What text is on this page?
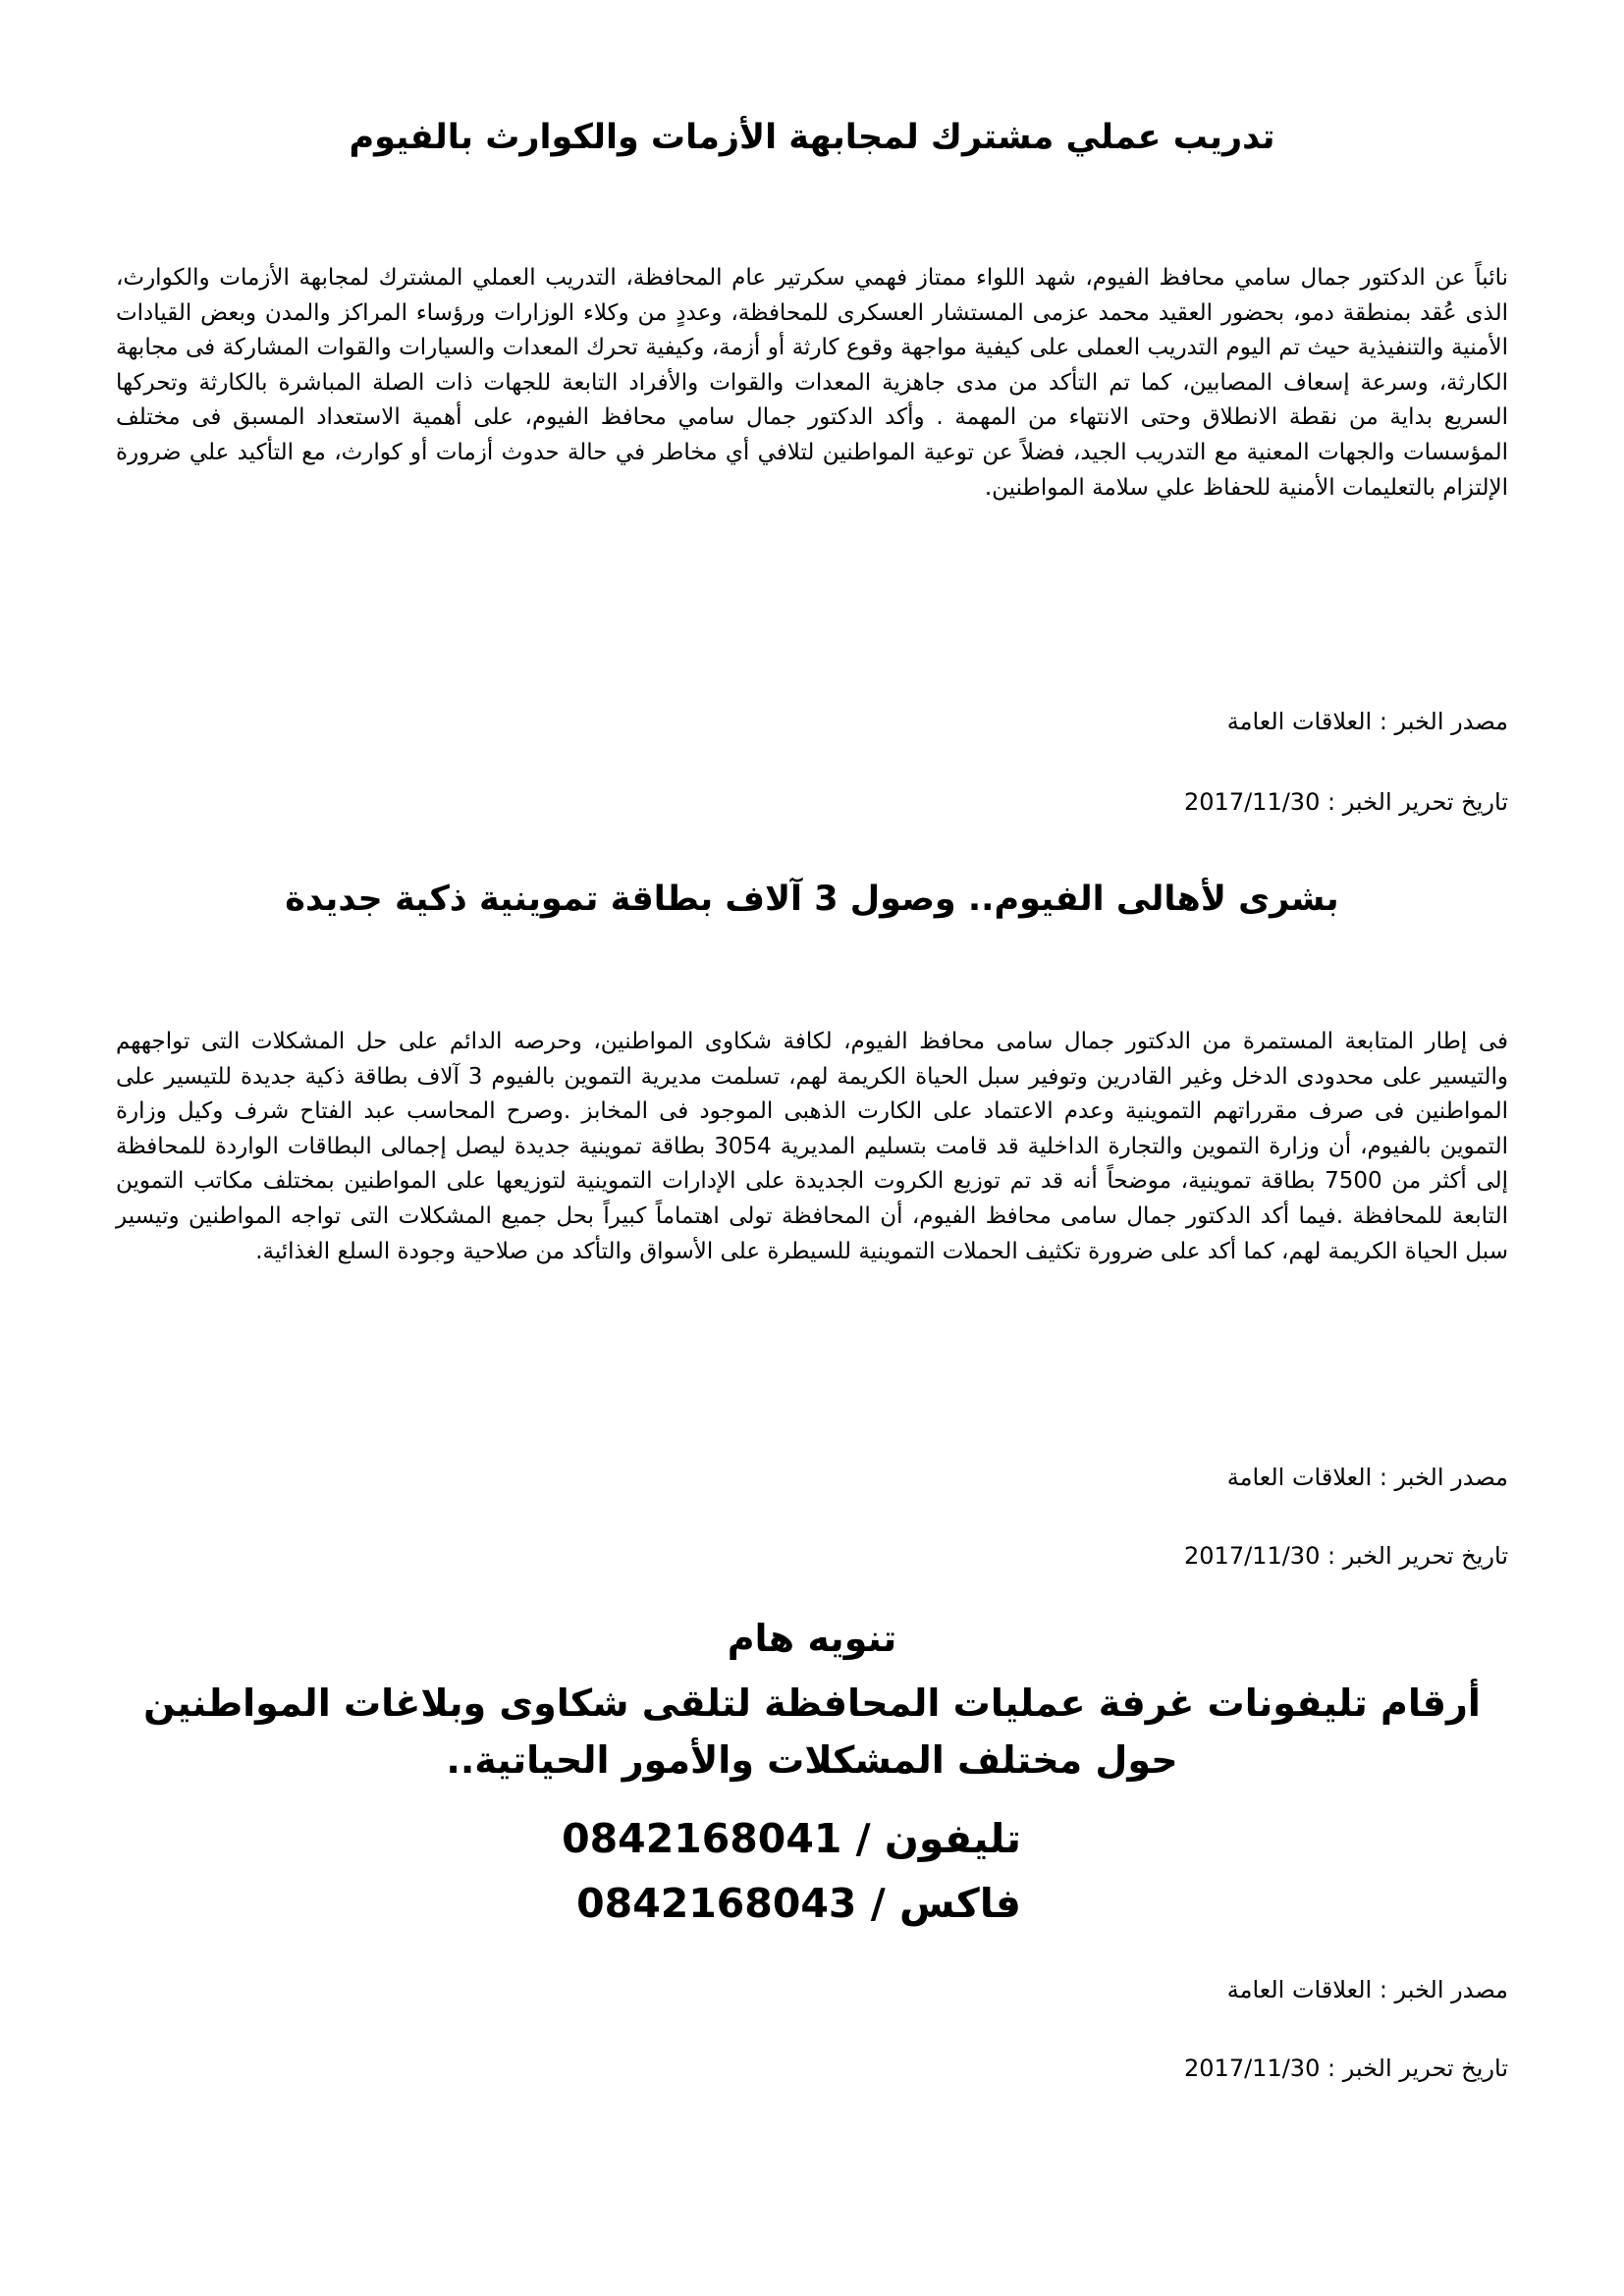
تدريب عملي مشترك لمجابهة الأزمات والكوارث بالفيوم
نائباً عن الدكتور جمال سامي محافظ الفيوم، شهد اللواء ممتاز فهمي سكرتير عام المحافظة، التدريب العملي المشترك لمجابهة الأزمات والكوارث، الذى عُقد بمنطقة دمو، بحضور العقيد محمد عزمى المستشار العسكرى للمحافظة، وعددٍ من وكلاء الوزارات ورؤساء المراكز والمدن وبعض القيادات الأمنية والتنفيذية حيث تم اليوم التدريب العملى على كيفية مواجهة وقوع كارثة أو أزمة، وكيفية تحرك المعدات والسيارات والقوات المشاركة فى مجابهة الكارثة، وسرعة إسعاف المصابين، كما تم التأكد من مدى جاهزية المعدات والقوات والأفراد التابعة للجهات ذات الصلة المباشرة بالكارثة وتحركها السريع بداية من نقطة الانطلاق وحتى الانتهاء من المهمة . وأكد الدكتور جمال سامي محافظ الفيوم، على أهمية الاستعداد المسبق فى مختلف المؤسسات والجهات المعنية مع التدريب الجيد، فضلاً عن توعية المواطنين لتلافي أي مخاطر في حالة حدوث أزمات أو كوارث، مع التأكيد علي ضرورة الإلتزام بالتعليمات الأمنية للحفاظ علي سلامة المواطنين.
مصدر الخبر : العلاقات العامة
تاريخ تحرير الخبر : 2017/11/30
بشرى لأهالى الفيوم.. وصول 3 آلاف بطاقة تموينية ذكية جديدة
فى إطار المتابعة المستمرة من الدكتور جمال سامى محافظ الفيوم، لكافة شكاوى المواطنين، وحرصه الدائم على حل المشكلات التى تواجههم والتيسير على محدودى الدخل وغير القادرين وتوفير سبل الحياة الكريمة لهم، تسلمت مديرية التموين بالفيوم 3 آلاف بطاقة ذكية جديدة للتيسير على المواطنين فى صرف مقرراتهم التموينية وعدم الاعتماد على الكارت الذهبى الموجود فى المخابز .وصرح المحاسب عبد الفتاح شرف وكيل وزارة التموين بالفيوم، أن وزارة التموين والتجارة الداخلية قد قامت بتسليم المديرية 3054 بطاقة تموينية جديدة ليصل إجمالى البطاقات الواردة للمحافظة إلى أكثر من 7500 بطاقة تموينية، موضحاً أنه قد تم توزيع الكروت الجديدة على الإدارات التموينية لتوزيعها على المواطنين بمختلف مكاتب التموين التابعة للمحافظة .فيما أكد الدكتور جمال سامى محافظ الفيوم، أن المحافظة تولى اهتماماً كبيراً بحل جميع المشكلات التى تواجه المواطنين وتيسير سبل الحياة الكريمة لهم، كما أكد على ضرورة تكثيف الحملات التموينية للسيطرة على الأسواق والتأكد من صلاحية وجودة السلع الغذائية.
مصدر الخبر : العلاقات العامة
تاريخ تحرير الخبر : 2017/11/30
تنويه هام
أرقام تليفونات غرفة عمليات المحافظة لتلقى شكاوى وبلاغات المواطنين حول مختلف المشكلات والأمور الحياتية..
تليفون / 0842168041
فاكس / 0842168043
مصدر الخبر : العلاقات العامة
تاريخ تحرير الخبر : 2017/11/30
